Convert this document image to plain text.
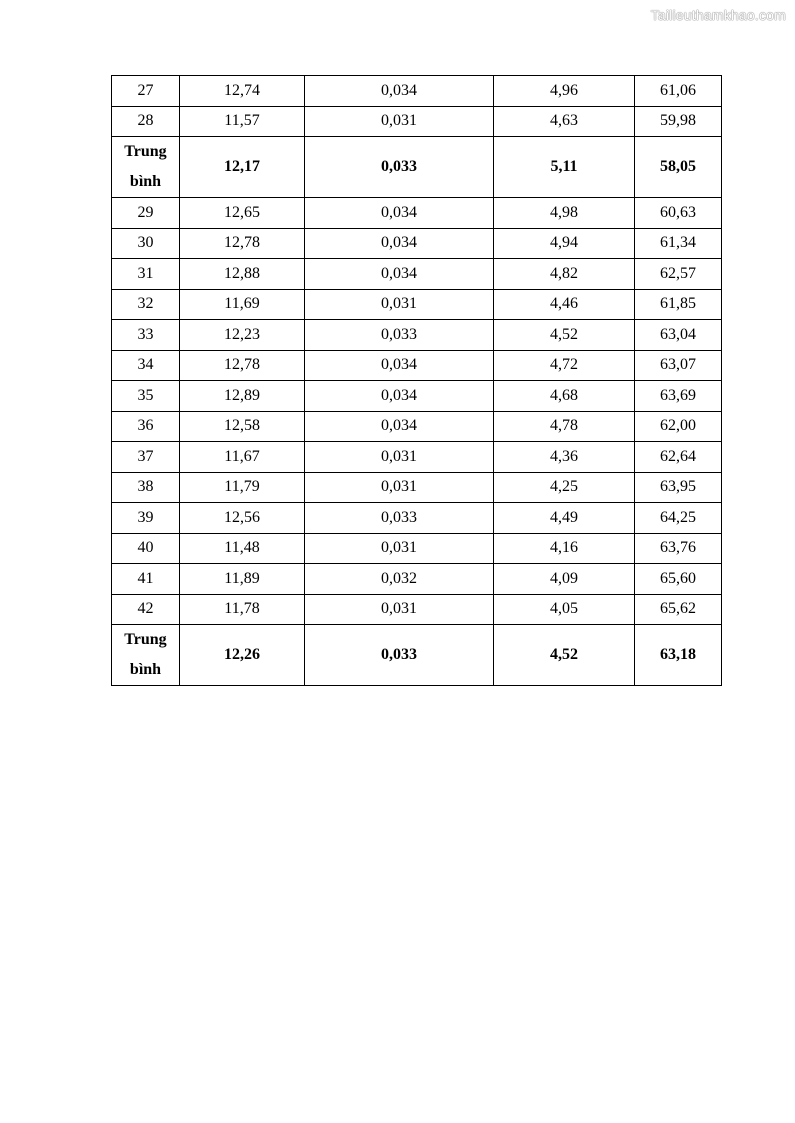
Tailieuthamkhao.com
27	12,74	0,034	4,96	61,06
28	11,57	0,031	4,63	59,98
Trung
bình	12,17	0,033	5,11	58,05
29	12,65	0,034	4,98	60,63
30	12,78	0,034	4,94	61,34
31	12,88	0,034	4,82	62,57
32	11,69	0,031	4,46	61,85
33	12,23	0,033	4,52	63,04
34	12,78	0,034	4,72	63,07
35	12,89	0,034	4,68	63,69
36	12,58	0,034	4,78	62,00
37	11,67	0,031	4,36	62,64
38	11,79	0,031	4,25	63,95
39	12,56	0,033	4,49	64,25
40	11,48	0,031	4,16	63,76
41	11,89	0,032	4,09	65,60
42	11,78	0,031	4,05	65,62
Trung
bình	12,26	0,033	4,52	63,18
